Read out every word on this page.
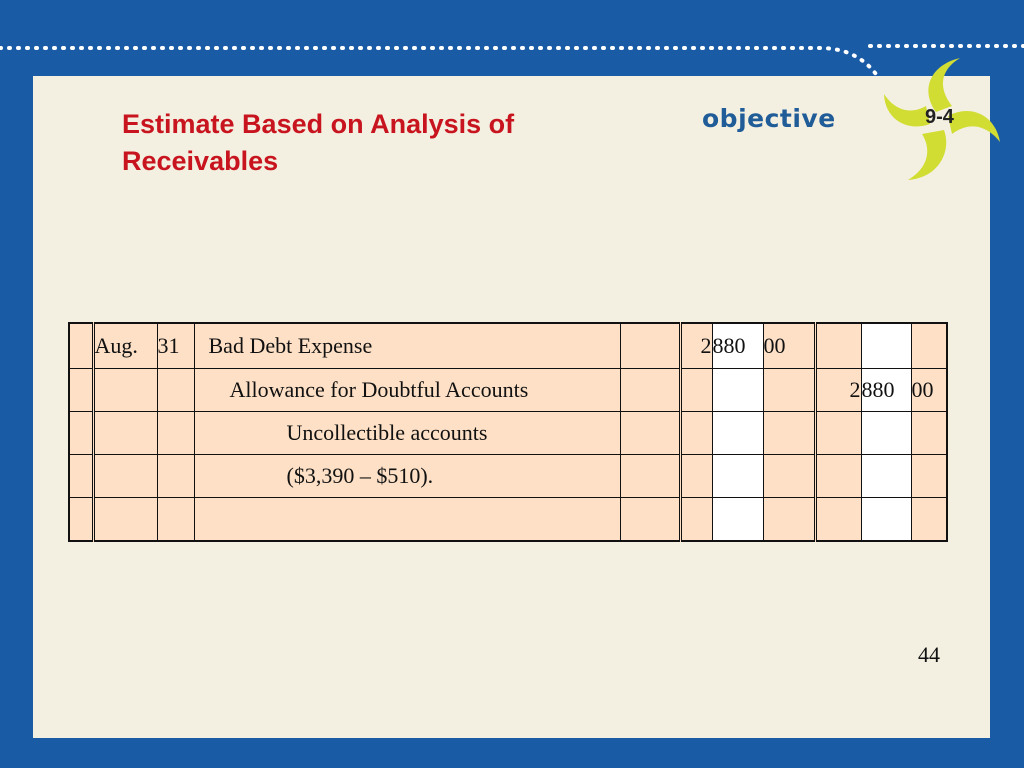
Estimate Based on Analysis of
Receivables
objective	9-4
	Aug.	31	Bad Debt Expense		2	880	00			
			Allowance for Doubtful Accounts					2	880	00
			Uncollectible accounts							
			($3,390 – $510).							

44
